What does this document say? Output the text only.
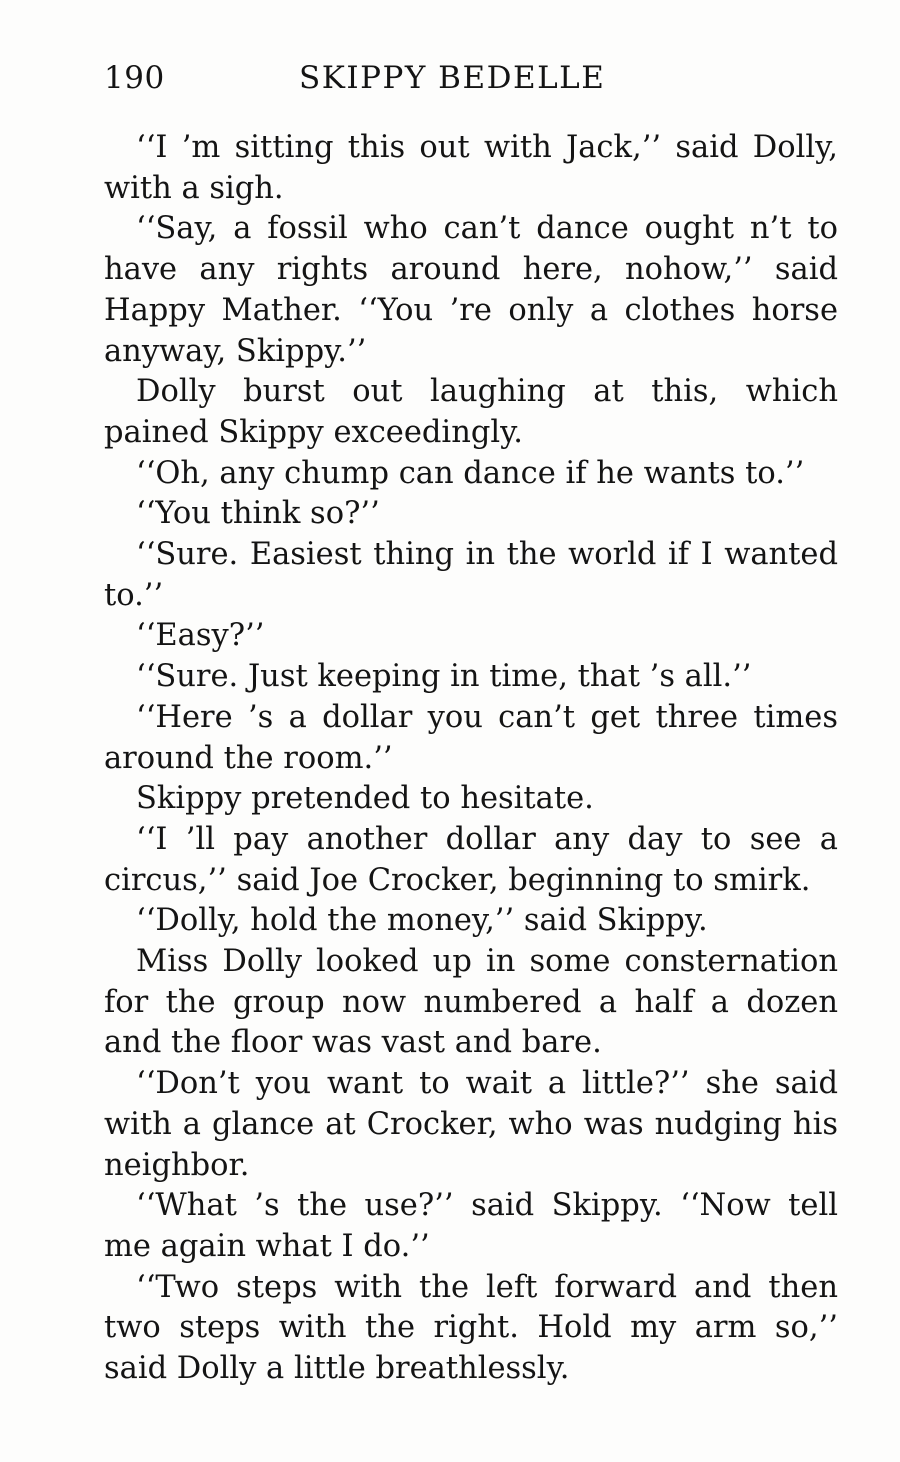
190	SKIPPY BEDELLE

‘‘I ’m sitting this out with Jack,’’ said Dolly, with a sigh.

‘‘Say, a fossil who can’t dance ought n’t to have any rights around here, nohow,’’ said Happy Mather. ‘‘You ’re only a clothes horse anyway, Skippy.’’

Dolly burst out laughing at this, which pained Skippy exceedingly.

‘‘Oh, any chump can dance if he wants to.’’

‘‘You think so?’’

‘‘Sure. Easiest thing in the world if I wanted to.’’

‘‘Easy?’’

‘‘Sure. Just keeping in time, that ’s all.’’

‘‘Here ’s a dollar you can’t get three times around the room.’’

Skippy pretended to hesitate.

‘‘I ’ll pay another dollar any day to see a circus,’’ said Joe Crocker, beginning to smirk.

‘‘Dolly, hold the money,’’ said Skippy.

Miss Dolly looked up in some consternation for the group now numbered a half a dozen and the floor was vast and bare.

‘‘Don’t you want to wait a little?’’ she said with a glance at Crocker, who was nudging his neighbor.

‘‘What ’s the use?’’ said Skippy. ‘‘Now tell me again what I do.’’

‘‘Two steps with the left forward and then two steps with the right. Hold my arm so,’’ said Dolly a little breathlessly.
